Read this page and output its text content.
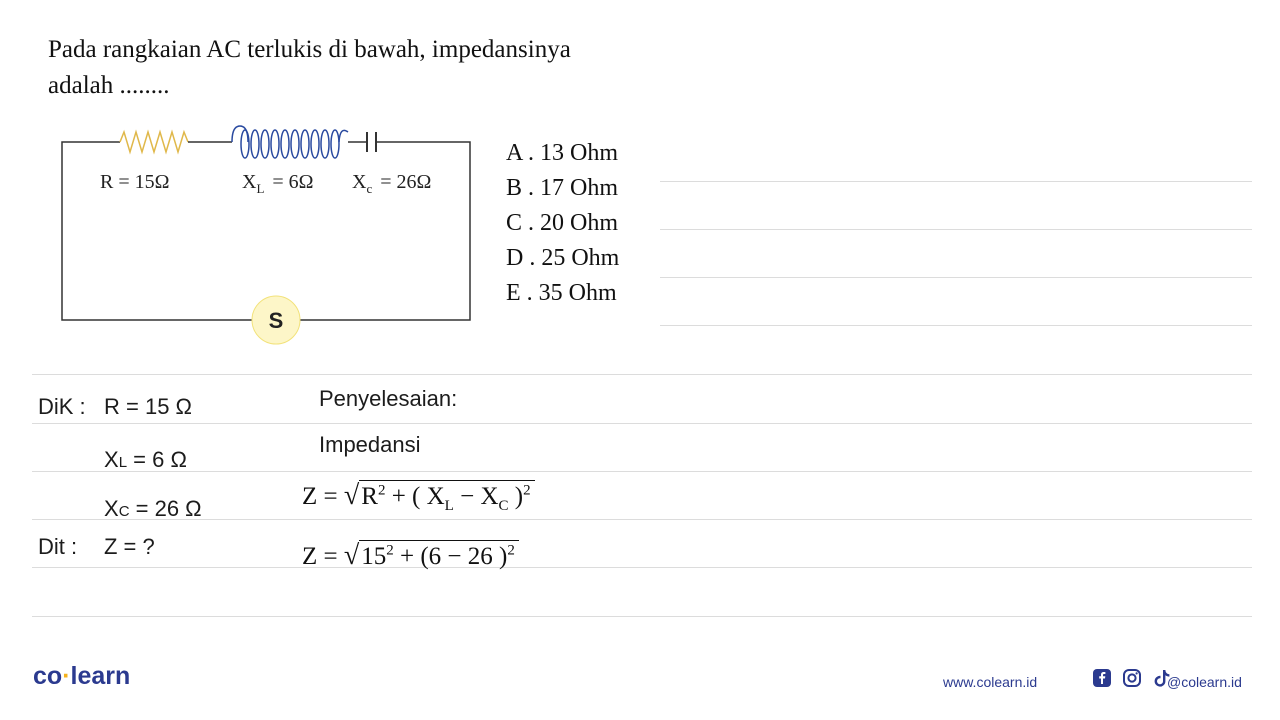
Pada rangkaian AC terlukis di bawah, impedansinya
adalah ........
S
R = 15Ω	$X_L = 6\Omega$ $X_c = 26\Omega$
A . 13 Ohm
B . 17 Ohm
C . 20 Ohm
D . 25 Ohm
E . 35 Ohm
DiK : R = 15 Ω
XL = 6 Ω
XC = 26 Ω
Dit : Z = ?
Penyelesaian:
Impedansi
$Z = √R^2$ + ( $X_L - X_C$ )$^2$
$Z = √15^2 + (6 - 26$ )$^2$
co·learn	www.colearn.id
	@colearn.id
